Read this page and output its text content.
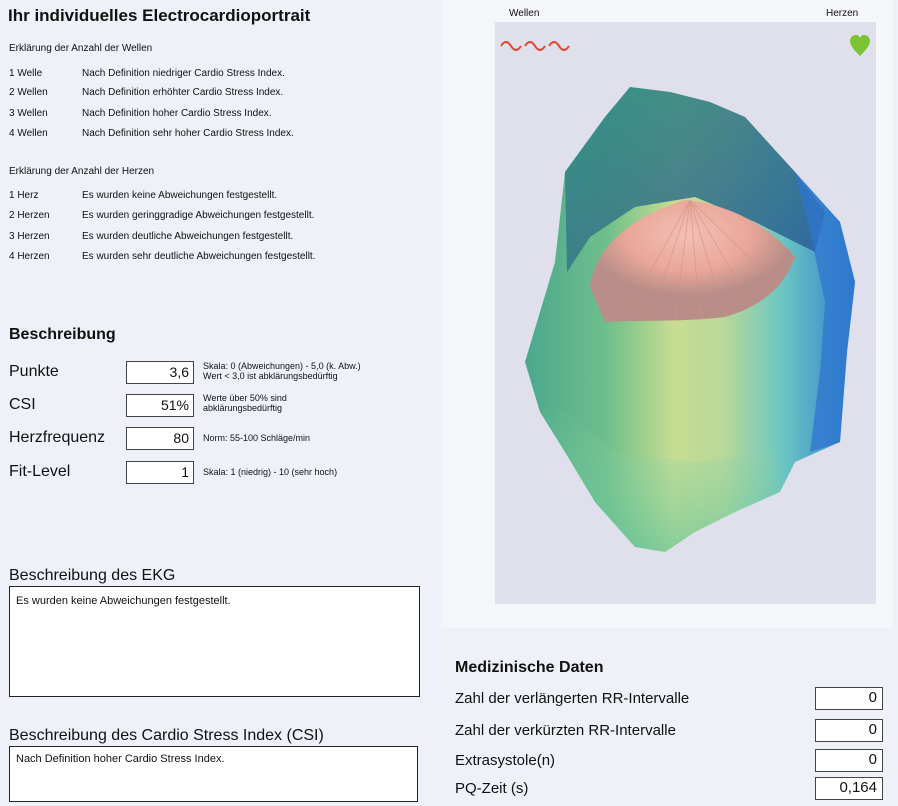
Ihr individuelles Electrocardioportrait
Erklärung der Anzahl der Wellen
1 Welle	Nach Definition niedriger Cardio Stress Index.
2 Wellen	Nach Definition erhöhter Cardio Stress Index.
3 Wellen	Nach Definition hoher Cardio Stress Index.
4 Wellen	Nach Definition sehr hoher Cardio Stress Index.
Erklärung der Anzahl der Herzen
1 Herz	Es wurden keine Abweichungen festgestellt.
2 Herzen	Es wurden geringgradige Abweichungen festgestellt.
3 Herzen	Es wurden deutliche Abweichungen festgestellt.
4 Herzen	Es wurden sehr deutliche Abweichungen festgestellt.
Beschreibung
Punkte	3,6	Skala: 0 (Abweichungen) - 5,0 (k. Abw.)
Wert < 3,0 ist abklärungsbedürftig
CSI	51%	Werte über 50% sind
abklärungsbedürftig
Herzfrequenz	80	Norm: 55-100 Schläge/min
Fit-Level	1	Skala: 1 (niedrig) - 10 (sehr hoch)
Beschreibung des EKG
Es wurden keine Abweichungen festgestellt.
Beschreibung des Cardio Stress Index (CSI)
Nach Definition hoher Cardio Stress Index.
Wellen	Herzen
Medizinische Daten
Zahl der verlängerten RR-Intervalle	0
Zahl der verkürzten RR-Intervalle	0
Extrasystole(n)	0
PQ-Zeit (s)	0,164
